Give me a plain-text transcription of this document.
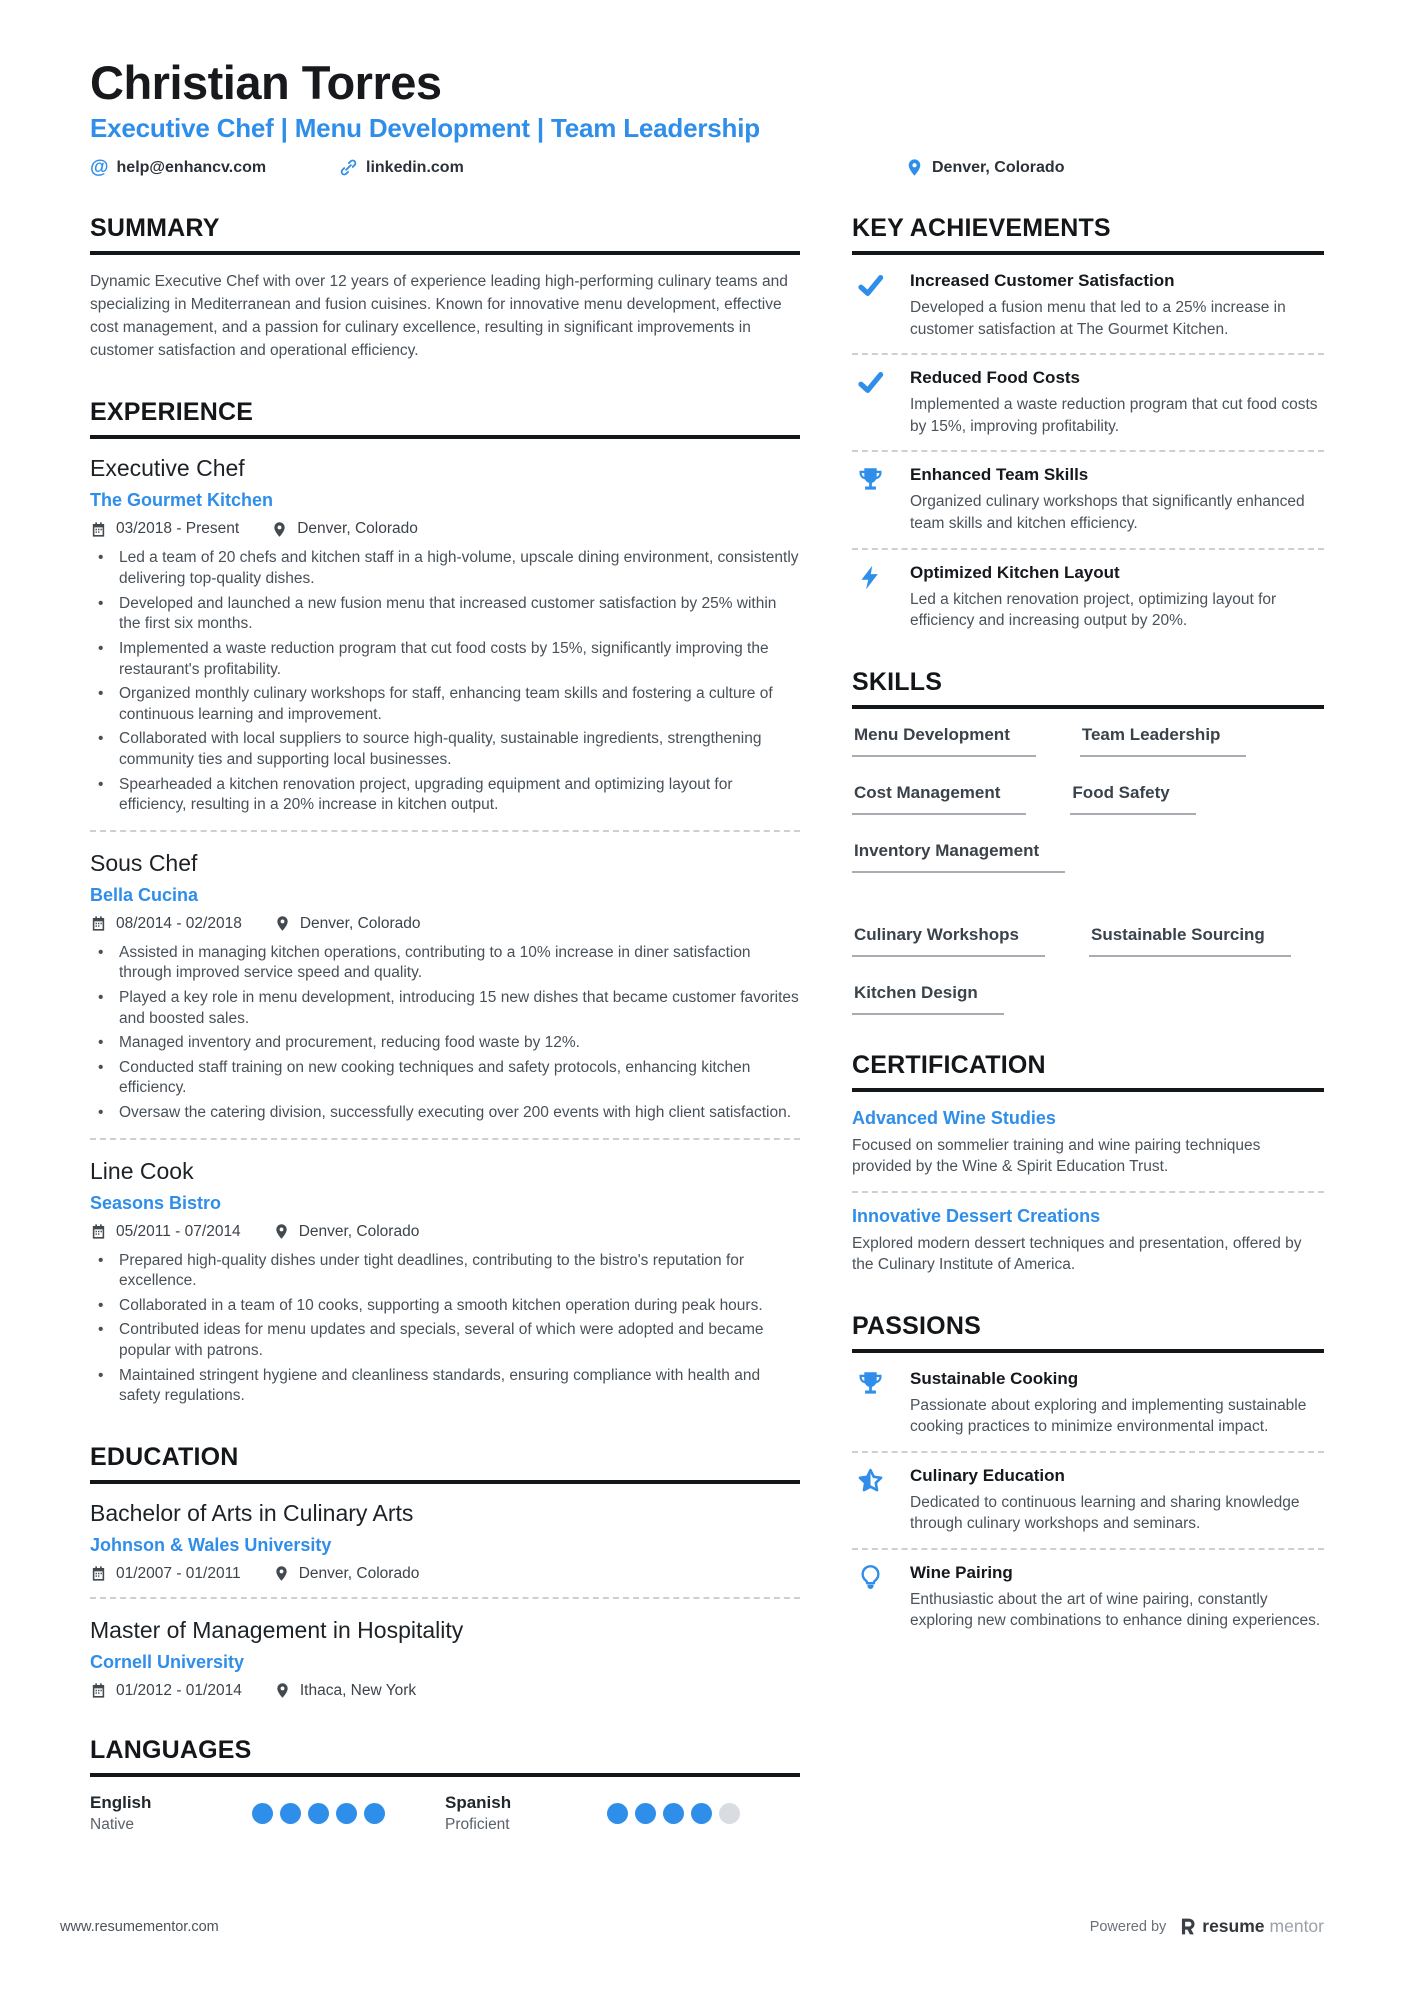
Christian Torres
Executive Chef | Menu Development | Team Leadership
@ help@enhancv.com	linkedin.com	Denver, Colorado
SUMMARY

Dynamic Executive Chef with over 12 years of experience leading high-performing culinary teams and specializing in Mediterranean and fusion cuisines. Known for innovative menu development, effective cost management, and a passion for culinary excellence, resulting in significant improvements in customer satisfaction and operational efficiency.

EXPERIENCE
Executive Chef
The Gourmet Kitchen
03/2018 - Present	Denver, Colorado
• Led a team of 20 chefs and kitchen staff in a high-volume, upscale dining environment, consistently delivering top-quality dishes.
• Developed and launched a new fusion menu that increased customer satisfaction by 25% within the first six months.
• Implemented a waste reduction program that cut food costs by 15%, significantly improving the restaurant's profitability.
• Organized monthly culinary workshops for staff, enhancing team skills and fostering a culture of continuous learning and improvement.
• Collaborated with local suppliers to source high-quality, sustainable ingredients, strengthening community ties and supporting local businesses.
• Spearheaded a kitchen renovation project, upgrading equipment and optimizing layout for efficiency, resulting in a 20% increase in kitchen output.
Sous Chef
Bella Cucina
08/2014 - 02/2018	Denver, Colorado
• Assisted in managing kitchen operations, contributing to a 10% increase in diner satisfaction through improved service speed and quality.
• Played a key role in menu development, introducing 15 new dishes that became customer favorites and boosted sales.
• Managed inventory and procurement, reducing food waste by 12%.
• Conducted staff training on new cooking techniques and safety protocols, enhancing kitchen efficiency.
• Oversaw the catering division, successfully executing over 200 events with high client satisfaction.
Line Cook
Seasons Bistro
05/2011 - 07/2014	Denver, Colorado
• Prepared high-quality dishes under tight deadlines, contributing to the bistro's reputation for excellence.
• Collaborated in a team of 10 cooks, supporting a smooth kitchen operation during peak hours.
• Contributed ideas for menu updates and specials, several of which were adopted and became popular with patrons.
• Maintained stringent hygiene and cleanliness standards, ensuring compliance with health and safety regulations.
EDUCATION
Bachelor of Arts in Culinary Arts
Johnson & Wales University
01/2007 - 01/2011	Denver, Colorado
Master of Management in Hospitality
Cornell University
01/2012 - 01/2014	Ithaca, New York
LANGUAGES
English
Native
Spanish
Proficient
KEY ACHIEVEMENTS
Increased Customer Satisfaction
Developed a fusion menu that led to a 25% increase in customer satisfaction at The Gourmet Kitchen.
Reduced Food Costs
Implemented a waste reduction program that cut food costs by 15%, improving profitability.
Enhanced Team Skills
Organized culinary workshops that significantly enhanced team skills and kitchen efficiency.
Optimized Kitchen Layout
Led a kitchen renovation project, optimizing layout for efficiency and increasing output by 20%.
SKILLS
Menu Development	Team Leadership
Cost Management	Food Safety
Inventory Management
Culinary Workshops	Sustainable Sourcing
Kitchen Design
CERTIFICATION
Advanced Wine Studies
Focused on sommelier training and wine pairing techniques provided by the Wine & Spirit Education Trust.
Innovative Dessert Creations
Explored modern dessert techniques and presentation, offered by the Culinary Institute of America.
PASSIONS
Sustainable Cooking
Passionate about exploring and implementing sustainable cooking practices to minimize environmental impact.
Culinary Education
Dedicated to continuous learning and sharing knowledge through culinary workshops and seminars.
Wine Pairing
Enthusiastic about the art of wine pairing, constantly exploring new combinations to enhance dining experiences.
www.resumementor.com	Powered by resume mentor
